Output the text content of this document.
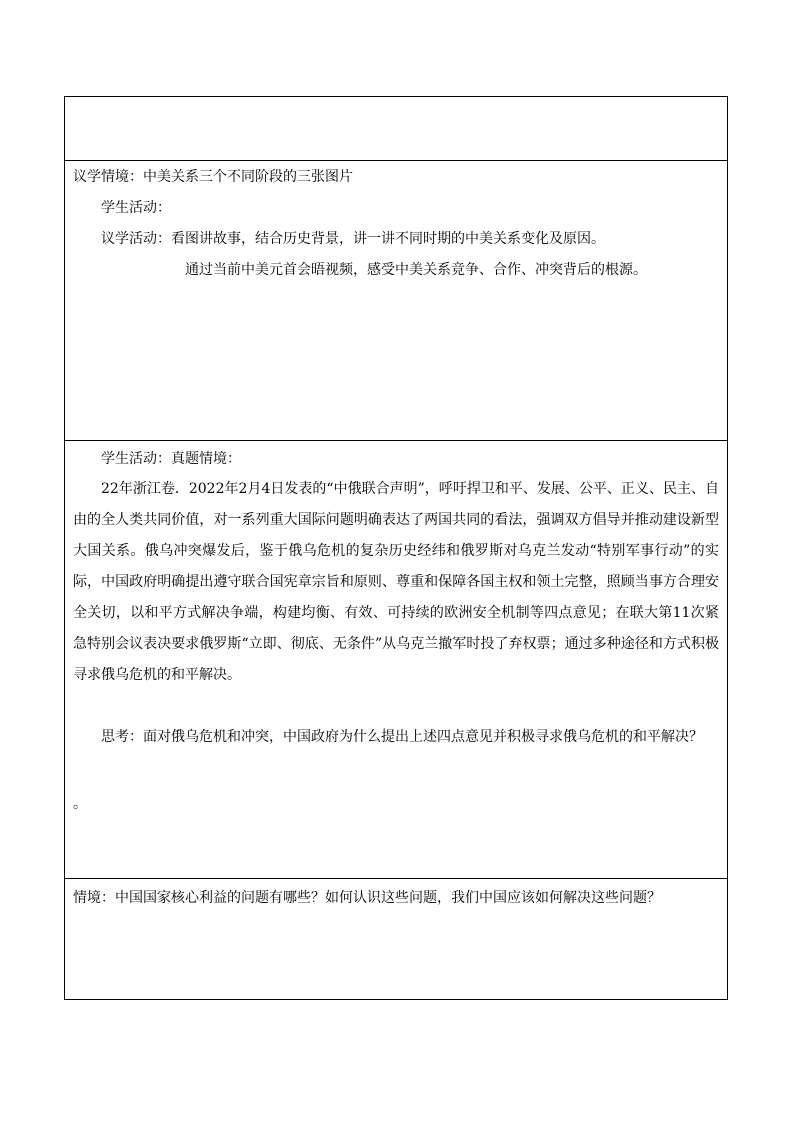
议学情境：中美关系三个不同阶段的三张图片
学生活动：
议学活动：看图讲故事，结合历史背景，讲一讲不同时期的中美关系变化及原因。
通过当前中美元首会晤视频，感受中美关系竞争、合作、冲突背后的根源。
学生活动：真题情境：
22年浙江卷．2022年2月4日发表的“中俄联合声明”，呼吁捍卫和平、发展、公平、正义、民主、自由的全人类共同价值，对一系列重大国际问题明确表达了两国共同的看法，强调双方倡导并推动建设新型大国关系。俄乌冲突爆发后，鉴于俄乌危机的复杂历史经纬和俄罗斯对乌克兰发动“特别军事行动”的实际，中国政府明确提出遵守联合国宪章宗旨和原则、尊重和保障各国主权和领土完整，照顾当事方合理安全关切，以和平方式解决争端，构建均衡、有效、可持续的欧洲安全机制等四点意见；在联大第11次紧急特别会议表决要求俄罗斯“立即、彻底、无条件”从乌克兰撤军时投了弃权票；通过多种途径和方式积极寻求俄乌危机的和平解决。
思考：面对俄乌危机和冲突，中国政府为什么提出上述四点意见并积极寻求俄乌危机的和平解决？
。
情境：中国国家核心利益的问题有哪些？如何认识这些问题，我们中国应该如何解决这些问题？
